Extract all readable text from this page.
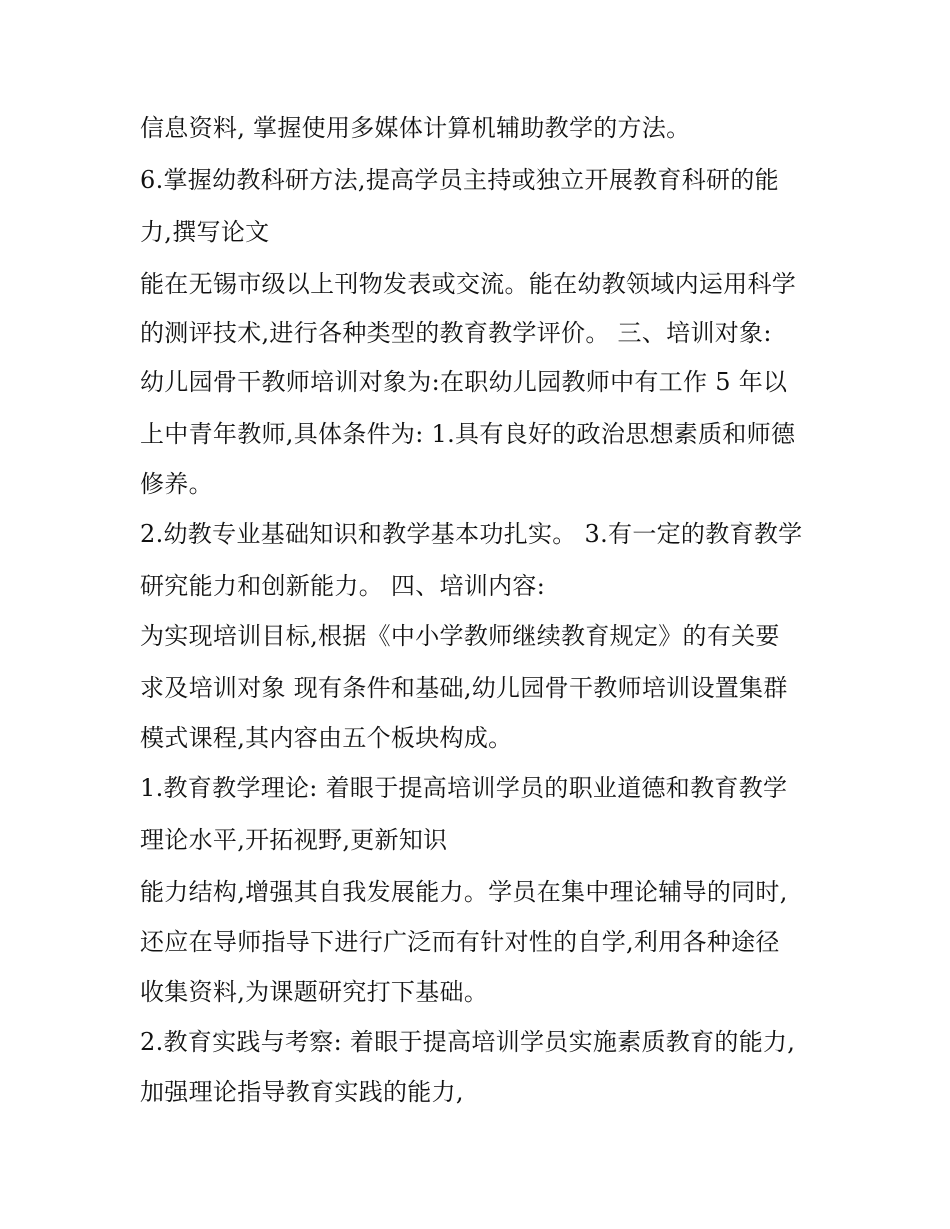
信息资料, 掌握使用多媒体计算机辅助教学的方法。
6.掌握幼教科研方法,提高学员主持或独立开展教育科研的能
力,撰写论文
能在无锡市级以上刊物发表或交流。能在幼教领域内运用科学
的测评技术,进行各种类型的教育教学评价。 三、培训对象:
幼儿园骨干教师培训对象为:在职幼儿园教师中有工作 5 年以
上中青年教师,具体条件为: 1.具有良好的政治思想素质和师德
修养。
2.幼教专业基础知识和教学基本功扎实。 3.有一定的教育教学
研究能力和创新能力。 四、培训内容:
为实现培训目标,根据《中小学教师继续教育规定》的有关要
求及培训对象 现有条件和基础,幼儿园骨干教师培训设置集群
模式课程,其内容由五个板块构成。
1.教育教学理论: 着眼于提高培训学员的职业道德和教育教学
理论水平,开拓视野,更新知识
能力结构,增强其自我发展能力。学员在集中理论辅导的同时,
还应在导师指导下进行广泛而有针对性的自学,利用各种途径
收集资料,为课题研究打下基础。
2.教育实践与考察: 着眼于提高培训学员实施素质教育的能力,
加强理论指导教育实践的能力,
